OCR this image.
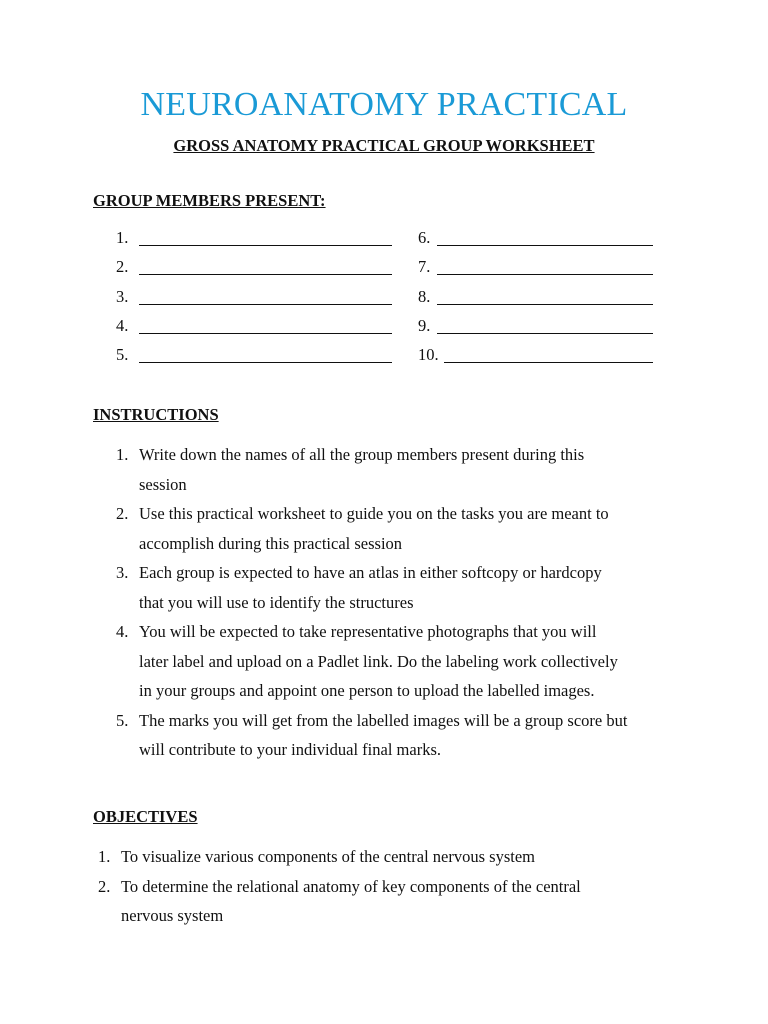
NEUROANATOMY PRACTICAL
GROSS ANATOMY PRACTICAL GROUP WORKSHEET
GROUP MEMBERS PRESENT:
1.
2.
3.
4.
5.
6.
7.
8.
9.
10.
INSTRUCTIONS
1. Write down the names of all the group members present during this
session
2. Use this practical worksheet to guide you on the tasks you are meant to
accomplish during this practical session
3. Each group is expected to have an atlas in either softcopy or hardcopy
that you will use to identify the structures
4. You will be expected to take representative photographs that you will
later label and upload on a Padlet link. Do the labeling work collectively
in your groups and appoint one person to upload the labelled images.
5. The marks you will get from the labelled images will be a group score but
will contribute to your individual final marks.
OBJECTIVES
1. To visualize various components of the central nervous system
2. To determine the relational anatomy of key components of the central
nervous system
